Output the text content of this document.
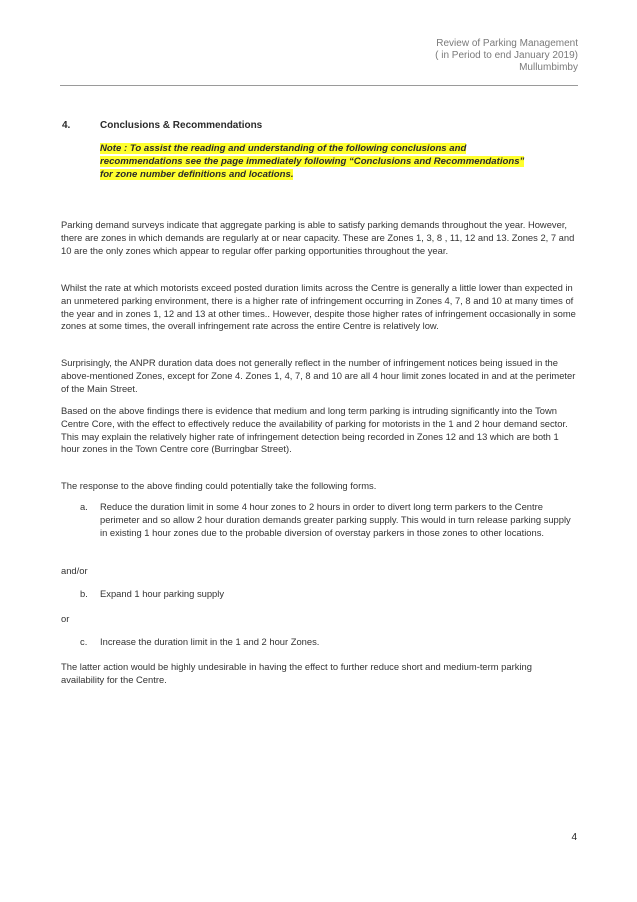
Review of Parking Management
( in Period to end January 2019)
Mullumbimby
4.	Conclusions & Recommendations
Note : To assist the reading and understanding of the following conclusions and
recommendations see the page immediately following “Conclusions and Recommendations”
for zone number definitions and locations.

Parking demand surveys indicate that aggregate parking is able to satisfy parking demands throughout the year. However, there are zones in which demands are regularly at or near capacity. These are Zones 1, 3, 8 , 11, 12 and 13. Zones 2, 7 and 10 are the only zones which appear to regular offer parking opportunities throughout the year.

Whilst the rate at which motorists exceed posted duration limits across the Centre is generally a little lower than expected in an unmetered parking environment, there is a higher rate of infringement occurring in Zones 4, 7, 8 and 10 at many times of the year and in zones 1, 12 and 13 at other times.. However, despite those higher rates of infringement occasionally in some zones at some times, the overall infringement rate across the entire Centre is relatively low.

Surprisingly, the ANPR duration data does not generally reflect in the number of infringement notices being issued in the above-mentioned Zones, except for Zone 4. Zones 1, 4, 7, 8 and 10 are all 4 hour limit zones located in and at the perimeter of the Main Street.

Based on the above findings there is evidence that medium and long term parking is intruding significantly into the Town Centre Core, with the effect to effectively reduce the availability of parking for motorists in the 1 and 2 hour demand sector. This may explain the relatively higher rate of infringement detection being recorded in Zones 12 and 13 which are both 1 hour zones in the Town Centre core (Burringbar Street).

The response to the above finding could potentially take the following forms.

a.	Reduce the duration limit in some 4 hour zones to 2 hours in order to divert long term parkers to the Centre perimeter and so allow 2 hour duration demands greater parking supply. This would in turn release parking supply in existing 1 hour zones due to the probable diversion of overstay parkers in those zones to other locations.
and/or
b.	Expand 1 hour parking supply
or
c.	Increase the duration limit in the 1 and 2 hour Zones.

The latter action would be highly undesirable in having the effect to further reduce short and medium-term parking availability for the Centre.

4
